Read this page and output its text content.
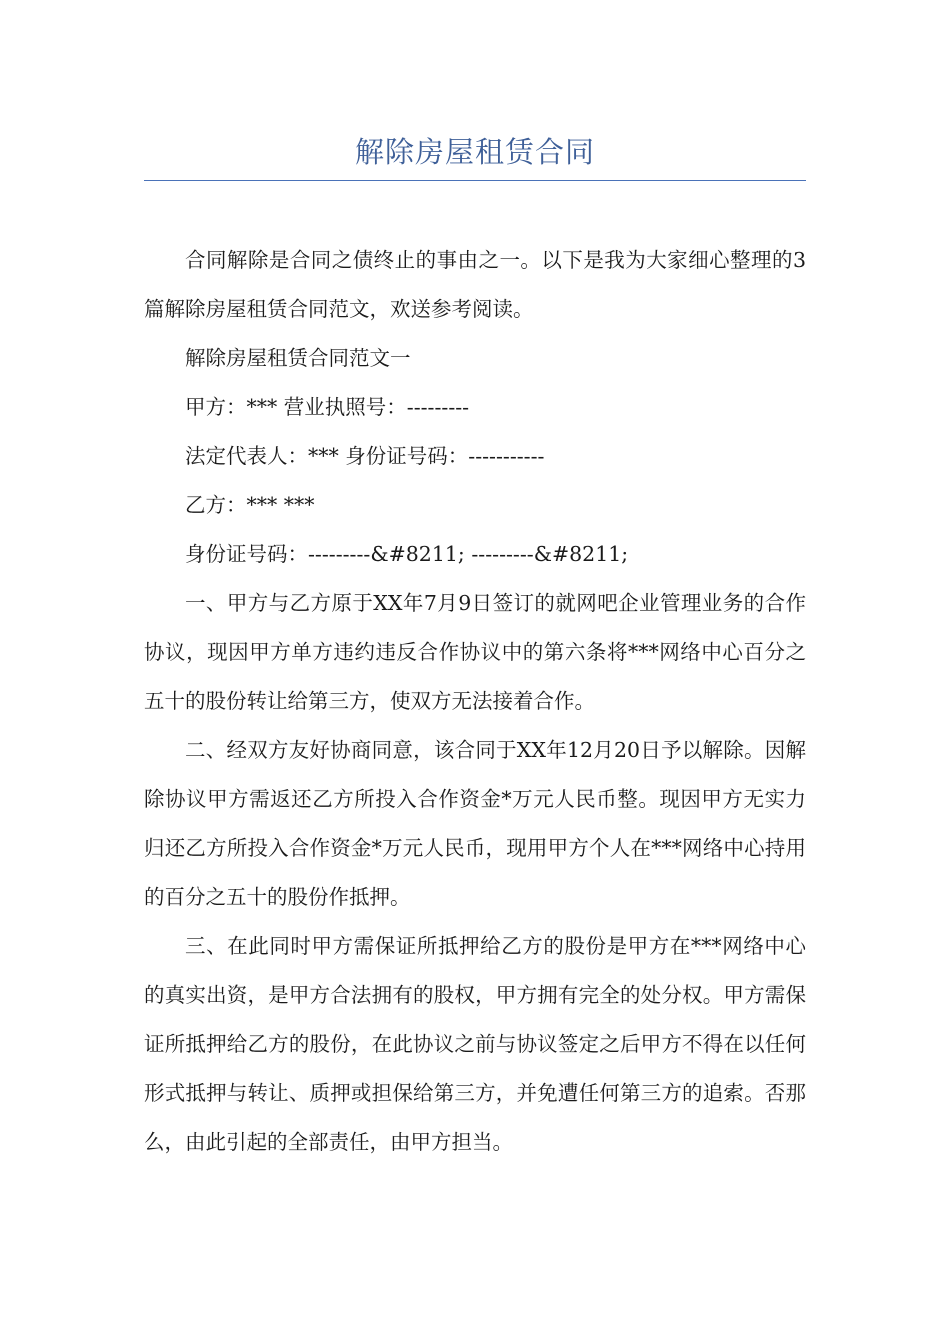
解除房屋租赁合同

合同解除是合同之债终止的事由之一。以下是我为大家细心整理的3篇解除房屋租赁合同范文，欢送参考阅读。

解除房屋租赁合同范文一

甲方：*** 营业执照号：---------

法定代表人：*** 身份证号码：-----------

乙方：*** ***

身份证号码：---------&#8211; ---------&#8211;

一、甲方与乙方原于XX年7月9日签订的就网吧企业管理业务的合作协议，现因甲方单方违约违反合作协议中的第六条将***网络中心百分之五十的股份转让给第三方，使双方无法接着合作。

二、经双方友好协商同意，该合同于XX年12月20日予以解除。因解除协议甲方需返还乙方所投入合作资金*万元人民币整。现因甲方无实力归还乙方所投入合作资金*万元人民币，现用甲方个人在***网络中心持用的百分之五十的股份作抵押。

三、在此同时甲方需保证所抵押给乙方的股份是甲方在***网络中心的真实出资，是甲方合法拥有的股权，甲方拥有完全的处分权。甲方需保证所抵押给乙方的股份，在此协议之前与协议签定之后甲方不得在以任何形式抵押与转让、质押或担保给第三方，并免遭任何第三方的追索。否那么，由此引起的全部责任，由甲方担当。
